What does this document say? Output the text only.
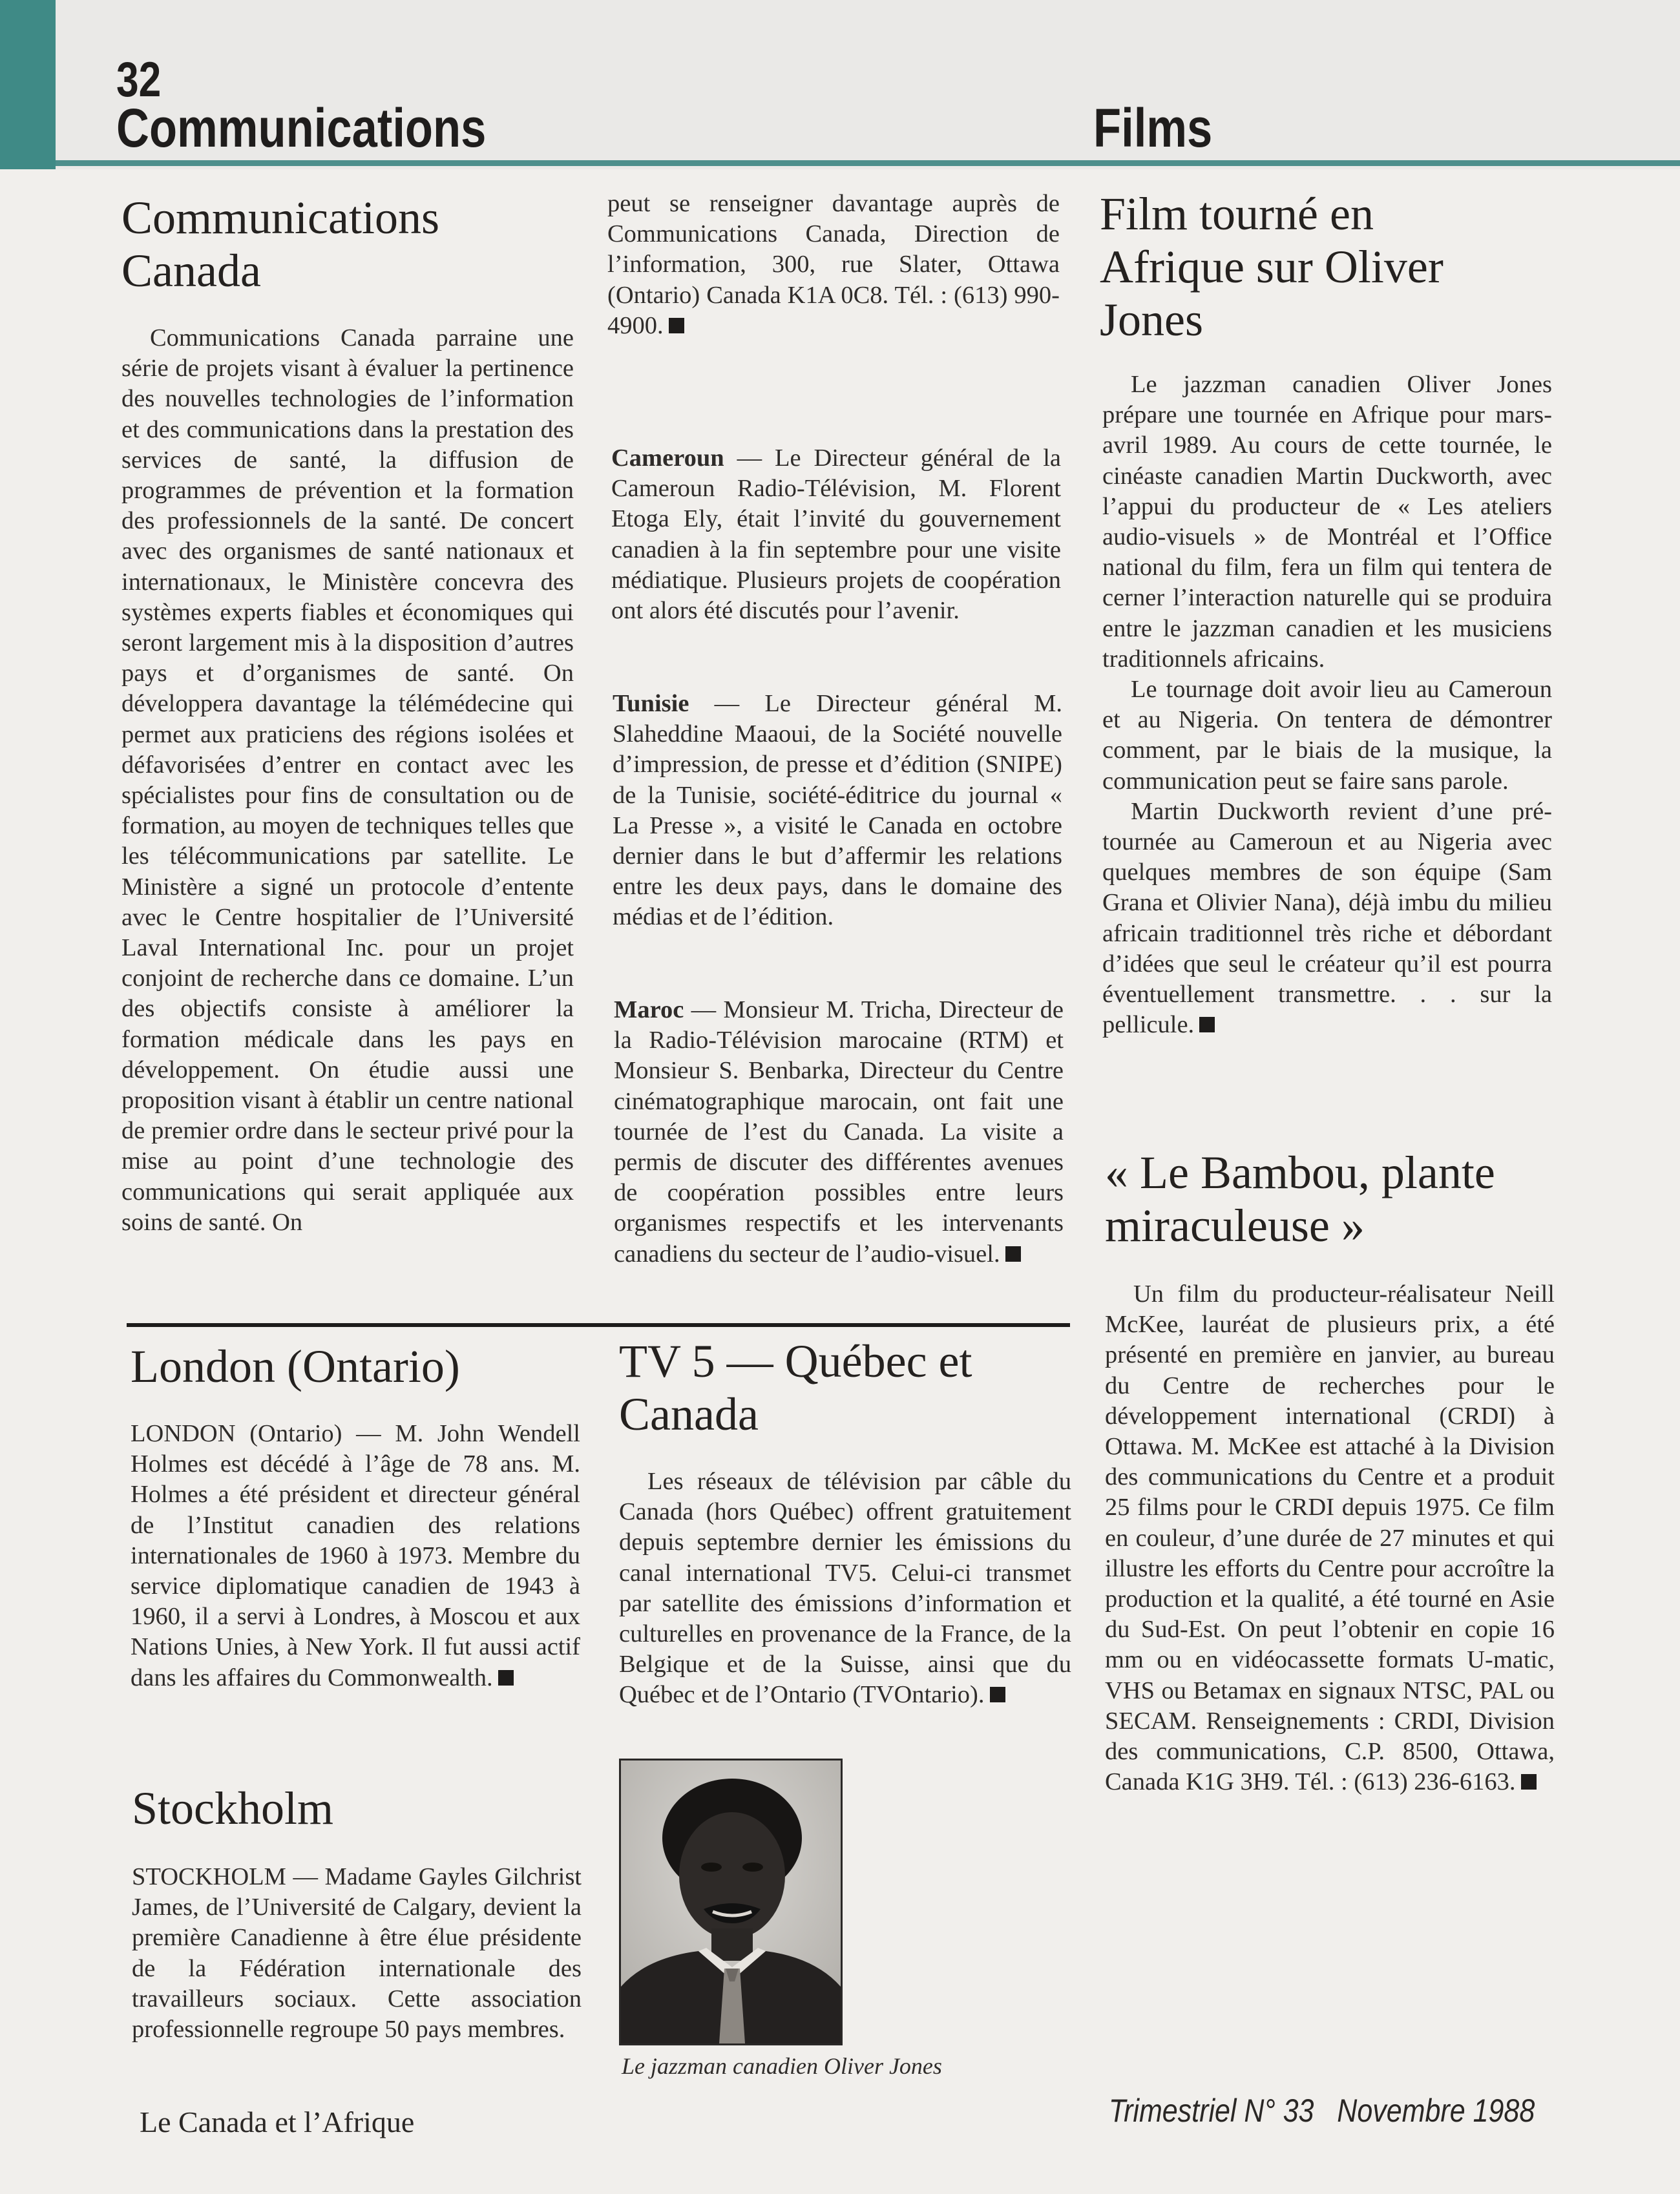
32
Communications	Films
Communications Canada

Communications Canada parraine une série de projets visant à évaluer la pertinence des nouvelles technologies de l’information et des communications dans la prestation des services de santé, la diffusion de programmes de prévention et la formation des professionnels de la santé. De concert avec des organismes de santé nationaux et internationaux, le Ministère concevra des systèmes experts fiables et économiques qui seront largement mis à la disposition d’autres pays et d’organismes de santé. On développera davantage la télémédecine qui permet aux praticiens des régions isolées et défavorisées d’entrer en contact avec les spécialistes pour fins de consultation ou de formation, au moyen de techniques telles que les télécommunications par satellite. Le Ministère a signé un protocole d’entente avec le Centre hospitalier de l’Université Laval International Inc. pour un projet conjoint de recherche dans ce domaine. L’un des objectifs consiste à améliorer la formation médicale dans les pays en développement. On étudie aussi une proposition visant à établir un centre national de premier ordre dans le secteur privé pour la mise au point d’une technologie des communications qui serait appliquée aux soins de santé. On

London (Ontario)

LONDON (Ontario) — M. John Wendell Holmes est décédé à l’âge de 78 ans. M. Holmes a été président et directeur général de l’Institut canadien des relations internationales de 1960 à 1973. Membre du service diplomatique canadien de 1943 à 1960, il a servi à Londres, à Moscou et aux Nations Unies, à New York. Il fut aussi actif dans les affaires du Commonwealth.

Stockholm

STOCKHOLM — Madame Gayles Gilchrist James, de l’Université de Calgary, devient la première Canadienne à être élue présidente de la Fédération internationale des travailleurs sociaux. Cette association professionnelle regroupe 50 pays membres.

peut se renseigner davantage auprès de Communications Canada, Direction de l’information, 300, rue Slater, Ottawa (Ontario) Canada K1A 0C8. Tél. : (613) 990-4900.

Cameroun — Le Directeur général de la Cameroun Radio-Télévision, M. Florent Etoga Ely, était l’invité du gouvernement canadien à la fin septembre pour une visite médiatique. Plusieurs projets de coopération ont alors été discutés pour l’avenir.

Tunisie — Le Directeur général M. Slaheddine Maaoui, de la Société nouvelle d’impression, de presse et d’édition (SNIPE) de la Tunisie, société-éditrice du journal « La Presse », a visité le Canada en octobre dernier dans le but d’affermir les relations entre les deux pays, dans le domaine des médias et de l’édition.

Maroc — Monsieur M. Tricha, Directeur de la Radio-Télévision marocaine (RTM) et Monsieur S. Benbarka, Directeur du Centre cinématographique marocain, ont fait une tournée de l’est du Canada. La visite a permis de discuter des différentes avenues de coopération possibles entre leurs organismes respectifs et les intervenants canadiens du secteur de l’audio-visuel.

TV 5 — Québec et Canada

Les réseaux de télévision par câble du Canada (hors Québec) offrent gratuitement depuis septembre dernier les émissions du canal international TV5. Celui-ci transmet par satellite des émissions d’information et culturelles en provenance de la France, de la Belgique et de la Suisse, ainsi que du Québec et de l’Ontario (TVOntario).

Le jazzman canadien Oliver Jones
Film tourné en Afrique sur Oliver Jones

Le jazzman canadien Oliver Jones prépare une tournée en Afrique pour mars-avril 1989. Au cours de cette tournée, le cinéaste canadien Martin Duckworth, avec l’appui du producteur de « Les ateliers audio-visuels » de Montréal et l’Office national du film, fera un film qui tentera de cerner l’interaction naturelle qui se produira entre le jazzman canadien et les musiciens traditionnels africains.

Le tournage doit avoir lieu au Cameroun et au Nigeria. On tentera de démontrer comment, par le biais de la musique, la communication peut se faire sans parole.

Martin Duckworth revient d’une pré-tournée au Cameroun et au Nigeria avec quelques membres de son équipe (Sam Grana et Olivier Nana), déjà imbu du milieu africain traditionnel très riche et débordant d’idées que seul le créateur qu’il est pourra éventuellement transmettre. . . sur la pellicule.

« Le Bambou, plante miraculeuse »

Un film du producteur-réalisateur Neill McKee, lauréat de plusieurs prix, a été présenté en première en janvier, au bureau du Centre de recherches pour le développement international (CRDI) à Ottawa. M. McKee est attaché à la Division des communications du Centre et a produit 25 films pour le CRDI depuis 1975. Ce film en couleur, d’une durée de 27 minutes et qui illustre les efforts du Centre pour accroître la production et la qualité, a été tourné en Asie du Sud-Est. On peut l’obtenir en copie 16 mm ou en vidéocassette formats U-matic, VHS ou Betamax en signaux NTSC, PAL ou SECAM. Renseignements : CRDI, Division des communications, C.P. 8500, Ottawa, Canada K1G 3H9. Tél. : (613) 236-6163.

Le Canada et l’Afrique	Trimestriel N° 33   Novembre 1988
